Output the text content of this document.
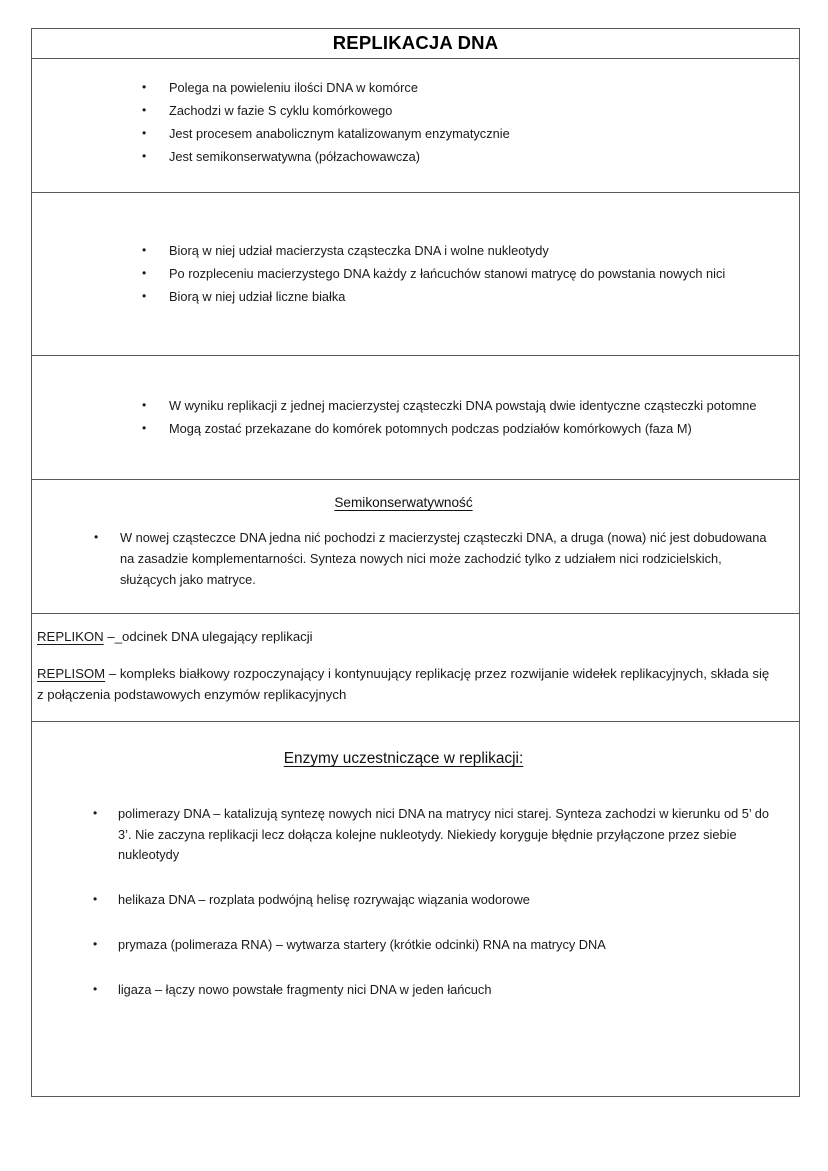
REPLIKACJA DNA
• Polega na powieleniu ilości DNA w komórce
• Zachodzi w fazie S cyklu komórkowego
• Jest procesem anabolicznym katalizowanym enzymatycznie
• Jest semikonserwatywna (półzachowawcza)
• Biorą w niej udział macierzysta cząsteczka DNA i wolne nukleotydy
• Po rozpleceniu macierzystego DNA każdy z łańcuchów stanowi matrycę do powstania nowych nici
• Biorą w niej udział liczne białka
• W wyniku replikacji z jednej macierzystej cząsteczki DNA powstają dwie identyczne cząsteczki potomne
• Mogą zostać przekazane do komórek potomnych podczas podziałów komórkowych (faza M)
Semikonserwatywność
• W nowej cząsteczce DNA jedna nić pochodzi z macierzystej cząsteczki DNA, a druga (nowa) nić jest dobudowana na zasadzie komplementarności. Synteza nowych nici może zachodzić tylko z udziałem nici rodzicielskich, służących jako matryce.

REPLIKON –_odcinek DNA ulegający replikacji

REPLISOM – kompleks białkowy rozpoczynający i kontynuujący replikację przez rozwijanie widełek replikacyjnych, składa się z połączenia podstawowych enzymów replikacyjnych

Enzymy uczestniczące w replikacji:
• polimerazy DNA – katalizują syntezę nowych nici DNA na matrycy nici starej. Synteza zachodzi w kierunku od 5’ do 3’. Nie zaczyna replikacji lecz dołącza kolejne nukleotydy. Niekiedy koryguje błędnie przyłączone przez siebie nukleotydy
• helikaza DNA – rozplata podwójną helisę rozrywając wiązania wodorowe
• prymaza (polimeraza RNA) – wytwarza startery (krótkie odcinki) RNA na matrycy DNA
• ligaza – łączy nowo powstałe fragmenty nici DNA w jeden łańcuch
